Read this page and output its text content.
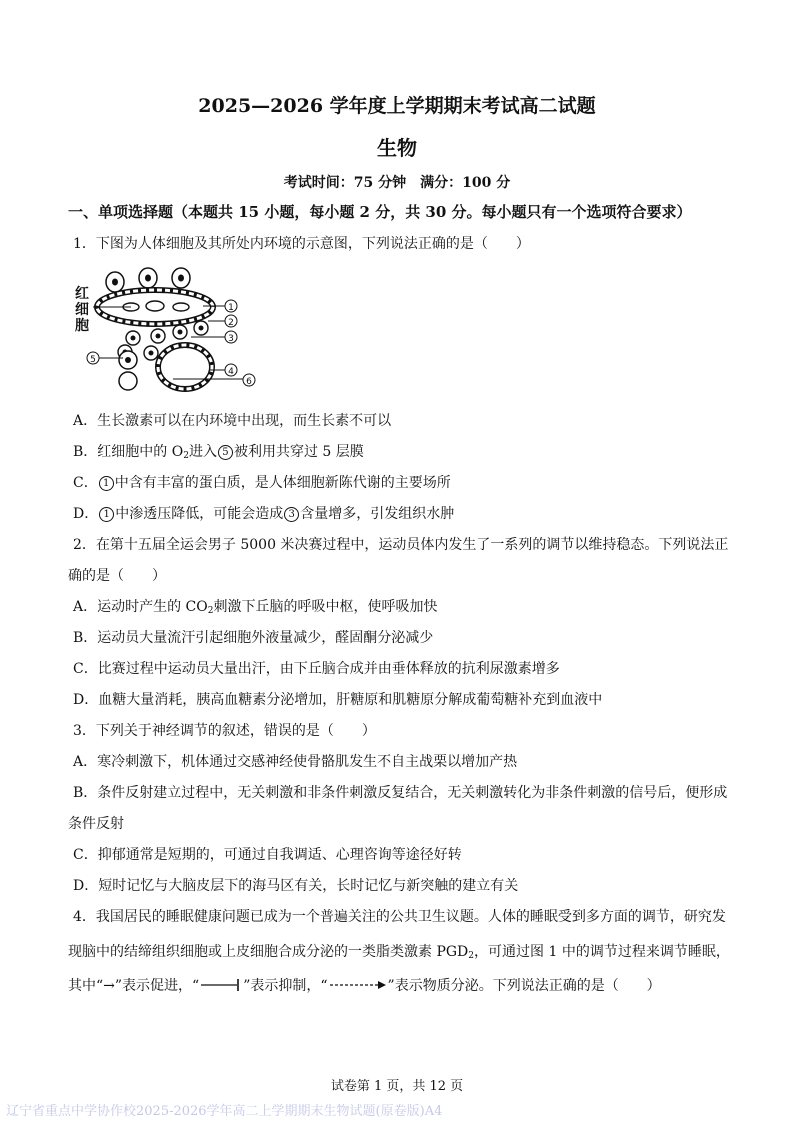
2025—2026 学年度上学期期末考试高二试题
生物
考试时间：75 分钟　满分：100 分
一、单项选择题（本题共 15 小题，每小题 2 分，共 30 分。每小题只有一个选项符合要求）
1．下图为人体细胞及其所处内环境的示意图，下列说法正确的是（　　）
1
2
3
4
5
6
红细胞
A．生长激素可以在内环境中出现，而生长素不可以
B．红细胞中的 $O_2$进入 5 被利用共穿过 5 层膜
C． 1 中含有丰富的蛋白质，是人体细胞新陈代谢的主要场所
D． 1 中渗透压降低，可能会造成 3 含量增多，引发组织水肿
2．在第十五届全运会男子 5000 米决赛过程中，运动员体内发生了一系列的调节以维持稳态。下列说法正
确的是（　　）
A．运动时产生的 $CO_2$刺激下丘脑的呼吸中枢，使呼吸加快
B．运动员大量流汗引起细胞外液量减少，醛固酮分泌减少
C．比赛过程中运动员大量出汗，由下丘脑合成并由垂体释放的抗利尿激素增多
D．血糖大量消耗，胰高血糖素分泌增加，肝糖原和肌糖原分解成葡萄糖补充到血液中
3．下列关于神经调节的叙述，错误的是（　　）
A．寒冷刺激下，机体通过交感神经使骨骼肌发生不自主战栗以增加产热
B．条件反射建立过程中，无关刺激和非条件刺激反复结合，无关刺激转化为非条件刺激的信号后，便形成
条件反射
C．抑郁通常是短期的，可通过自我调适、心理咨询等途径好转
D．短时记忆与大脑皮层下的海马区有关，长时记忆与新突触的建立有关
4．我国居民的睡眠健康问题已成为一个普遍关注的公共卫生议题。人体的睡眠受到多方面的调节，研究发
现脑中的结缔组织细胞或上皮细胞合成分泌的一类脂类激素 $PGD_2$，可通过图 1 中的调节过程来调节睡眠，
其中“→”表示促进，“	”表示抑制，“	”表示物质分泌。下列说法正确的是（　　）
试卷第 1 页，共 12 页
辽宁省重点中学协作校2025-2026学年高二上学期期末生物试题(原卷版)A4
